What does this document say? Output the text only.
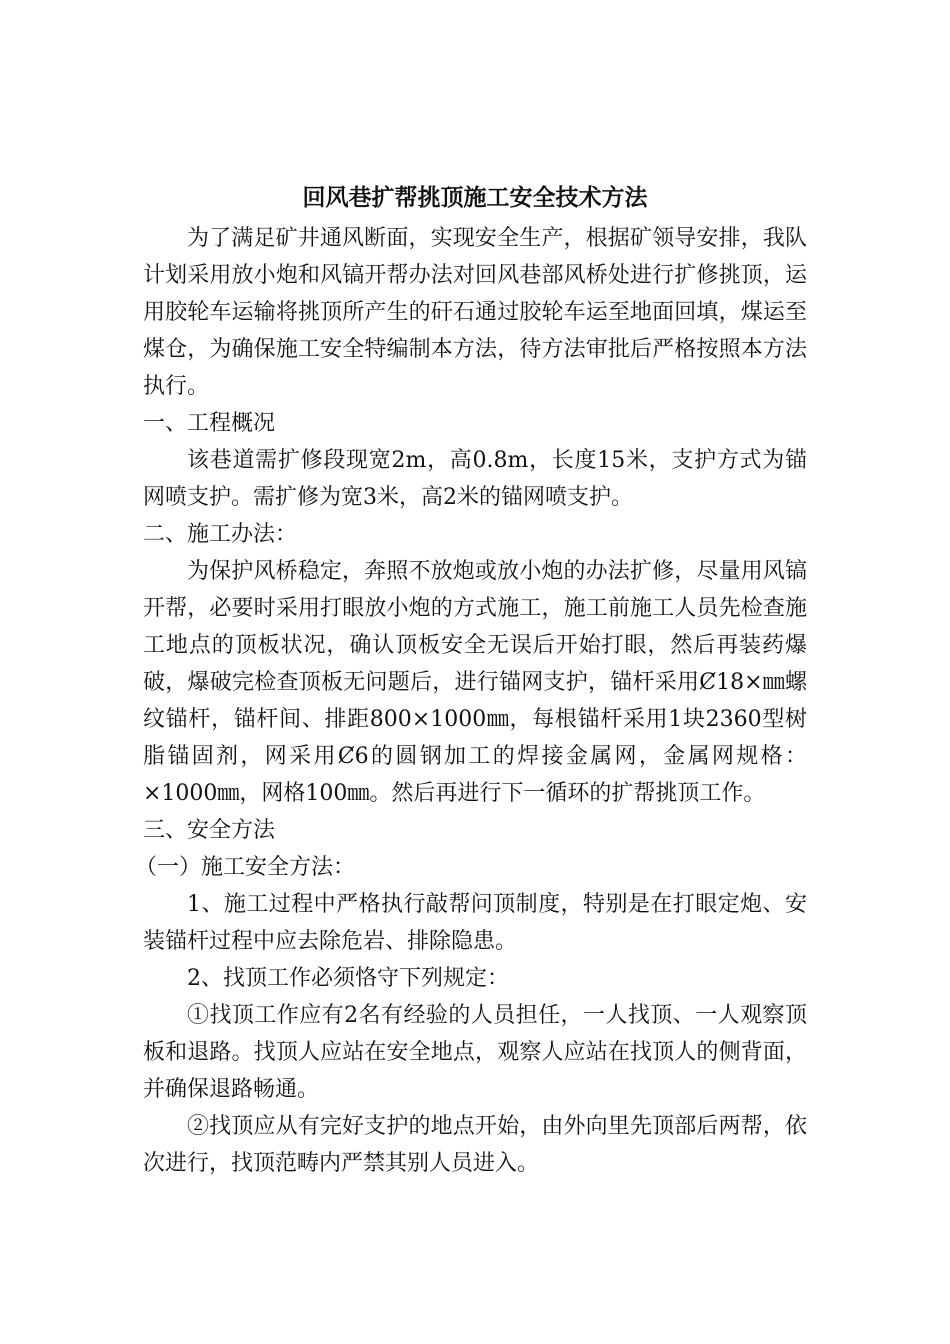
回风巷扩帮挑顶施工安全技术方法

为了满足矿井通风断面，实现安全生产，根据矿领导安排，我队计划采用放小炮和风镐开帮办法对回风巷部风桥处进行扩修挑顶，运用胶轮车运输将挑顶所产生的矸石通过胶轮车运至地面回填，煤运至煤仓，为确保施工安全特编制本方法，待方法审批后严格按照本方法执行。

一、工程概况

该巷道需扩修段现宽2m，高0.8m，长度15米，支护方式为锚网喷支护。需扩修为宽3米，高2米的锚网喷支护。

二、施工办法：

为保护风桥稳定，奔照不放炮或放小炮的办法扩修，尽量用风镐开帮，必要时采用打眼放小炮的方式施工，施工前施工人员先检查施工地点的顶板状况，确认顶板安全无误后开始打眼，然后再装药爆破，爆破完检查顶板无问题后，进行锚网支护，锚杆采用Ȼ18×㎜螺纹锚杆，锚杆间、排距800×1000㎜，每根锚杆采用1块2360型树脂锚固剂，网采用Ȼ6的圆钢加工的焊接金属网，金属网规格：×1000㎜，网格100㎜。然后再进行下一循环的扩帮挑顶工作。

三、安全方法

（一）施工安全方法：

1、施工过程中严格执行敲帮问顶制度，特别是在打眼定炮、安装锚杆过程中应去除危岩、排除隐患。

2、找顶工作必须恪守下列规定：

①找顶工作应有2名有经验的人员担任，一人找顶、一人观察顶板和退路。找顶人应站在安全地点，观察人应站在找顶人的侧背面，并确保退路畅通。

②找顶应从有完好支护的地点开始，由外向里先顶部后两帮，依次进行，找顶范畴内严禁其别人员进入。
